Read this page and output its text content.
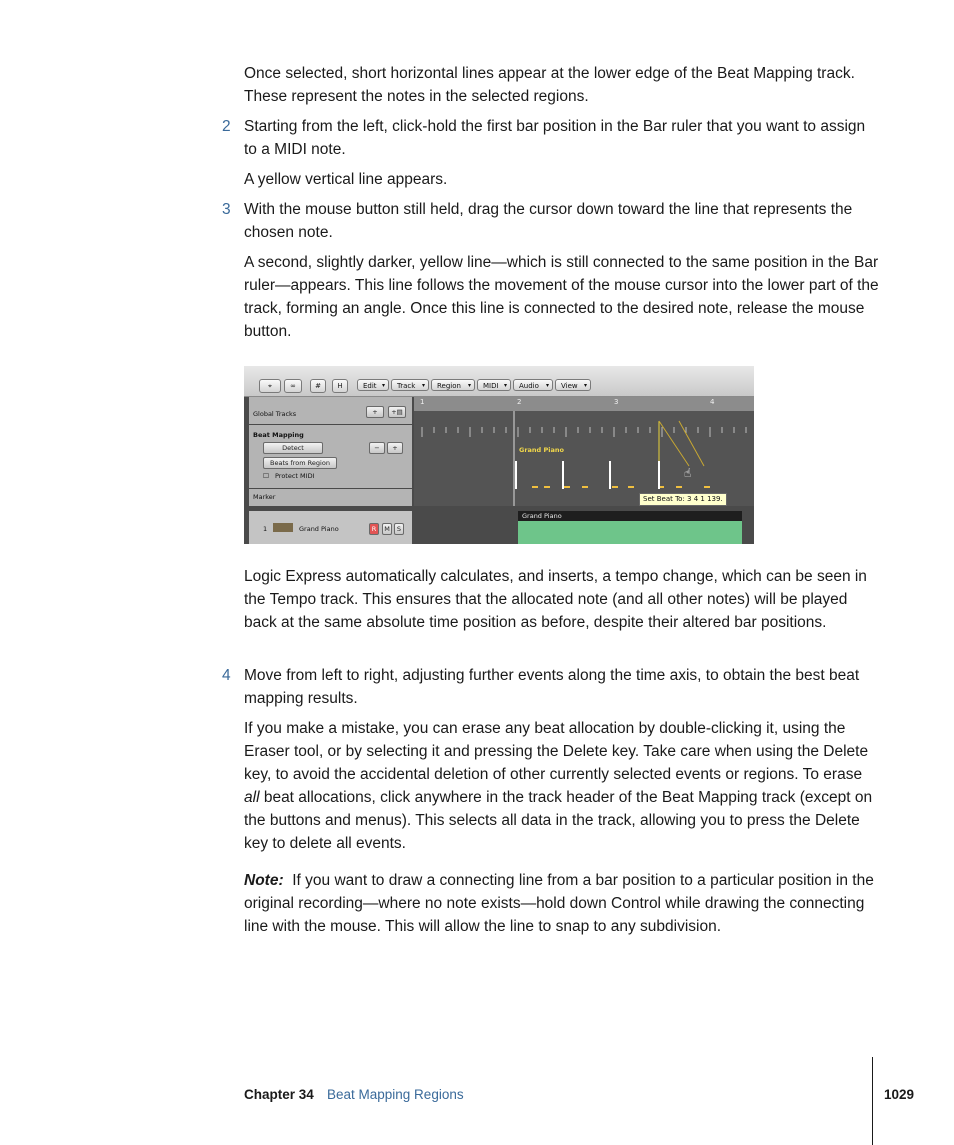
Once selected, short horizontal lines appear at the lower edge of the Beat Mapping track. These represent the notes in the selected regions.

2 Starting from the left, click-hold the first bar position in the Bar ruler that you want to assign to a MIDI note.

A yellow vertical line appears.

3 With the mouse button still held, drag the cursor down toward the line that represents the chosen note.

A second, slightly darker, yellow line—which is still connected to the same position in the Bar ruler—appears. This line follows the movement of the mouse cursor into the lower part of the track, forming an angle. Once this line is connected to the desired note, release the mouse button.

⌖	∞	#	H	Edit ▾	Track ▾	Region ▾	MIDI ▾	Audio ▾	View ▾
Global Tracks	+	+▤
Beat Mapping
Detect	−	+
Beats from Region
☐ Protect MIDI
Marker
1	Grand Piano	R	M	S
1	2	3	4
Grand Piano
Grand Piano
Set Beat To: 3 4 1 139.
☝

Logic Express automatically calculates, and inserts, a tempo change, which can be seen in the Tempo track. This ensures that the allocated note (and all other notes) will be played back at the same absolute time position as before, despite their altered bar positions.

4 Move from left to right, adjusting further events along the time axis, to obtain the best beat mapping results.

If you make a mistake, you can erase any beat allocation by double-clicking it, using the Eraser tool, or by selecting it and pressing the Delete key. Take care when using the Delete key, to avoid the accidental deletion of other currently selected events or regions. To erase all beat allocations, click anywhere in the track header of the Beat Mapping track (except on the buttons and menus). This selects all data in the track, allowing you to press the Delete key to delete all events.

Note: If you want to draw a connecting line from a bar position to a particular position in the original recording—where no note exists—hold down Control while drawing the connecting line with the mouse. This will allow the line to snap to any subdivision.

Chapter 34 Beat Mapping Regions	1029
